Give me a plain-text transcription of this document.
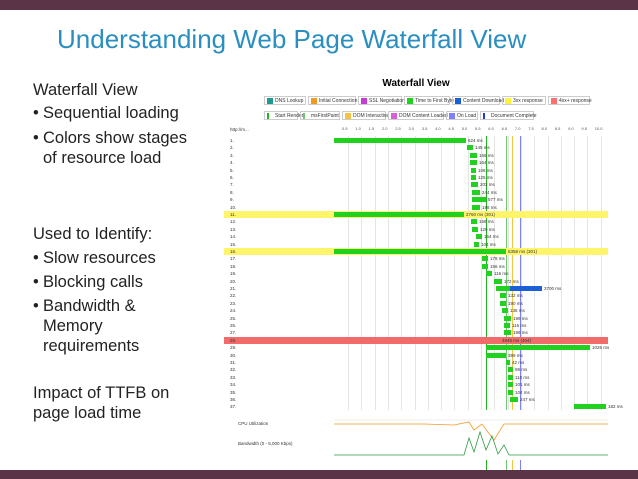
Understanding Web Page Waterfall View
Waterfall View
• Sequential loading
• Colors show stages
of resource load
Used to Identify:
• Slow resources
• Blocking calls
• Bandwidth &
Memory
requirements
Impact of TTFB on
page load time
Waterfall View
DNS Lookup	Initial Connection	SSL Negotiation	Time to First Byte	Content Download	3xx response	4xx+ response
Start Render	msFirstPaint	DOM Interactive	DOM Content Loaded	On Load	Document Complete
http://m...	0.5 1.0 1.5 2.0 2.5 3.0 3.5 4.0 4.5 5.0 5.5 6.0 6.5 7.0 7.5 8.0 8.5 9.0 9.5 10.0
1.	624 ms
2.	145 ms
3.	165 ms
4.	164 ms
5.	108 ms
6.	125 ms
7.	203 ms
8.	244 ms
9.	577 ms
10.	198 ms
11.	2760 ms (301)
12.	159 ms
13.	129 ms
14.	154 ms
15.	104 ms
16.	5358 ms (301)
17.	178 ms
18.	156 ms
19.	116 ms
20.	172 ms
21.	3700 ms
22.	132 ms
23.	190 ms
24.	136 ms
25.	199 ms
26.	115 ms
27.	199 ms
28.	4845 ms (404)
29.	1026 ms
30.	399 ms
31.	42 ms
32.	99 ms
33.	110 ms
34.	101 ms
35.	104 ms
36.	247 ms
37.	182 ms
CPU Utilization
Bandwidth (0 - 5,000 Kbps)
